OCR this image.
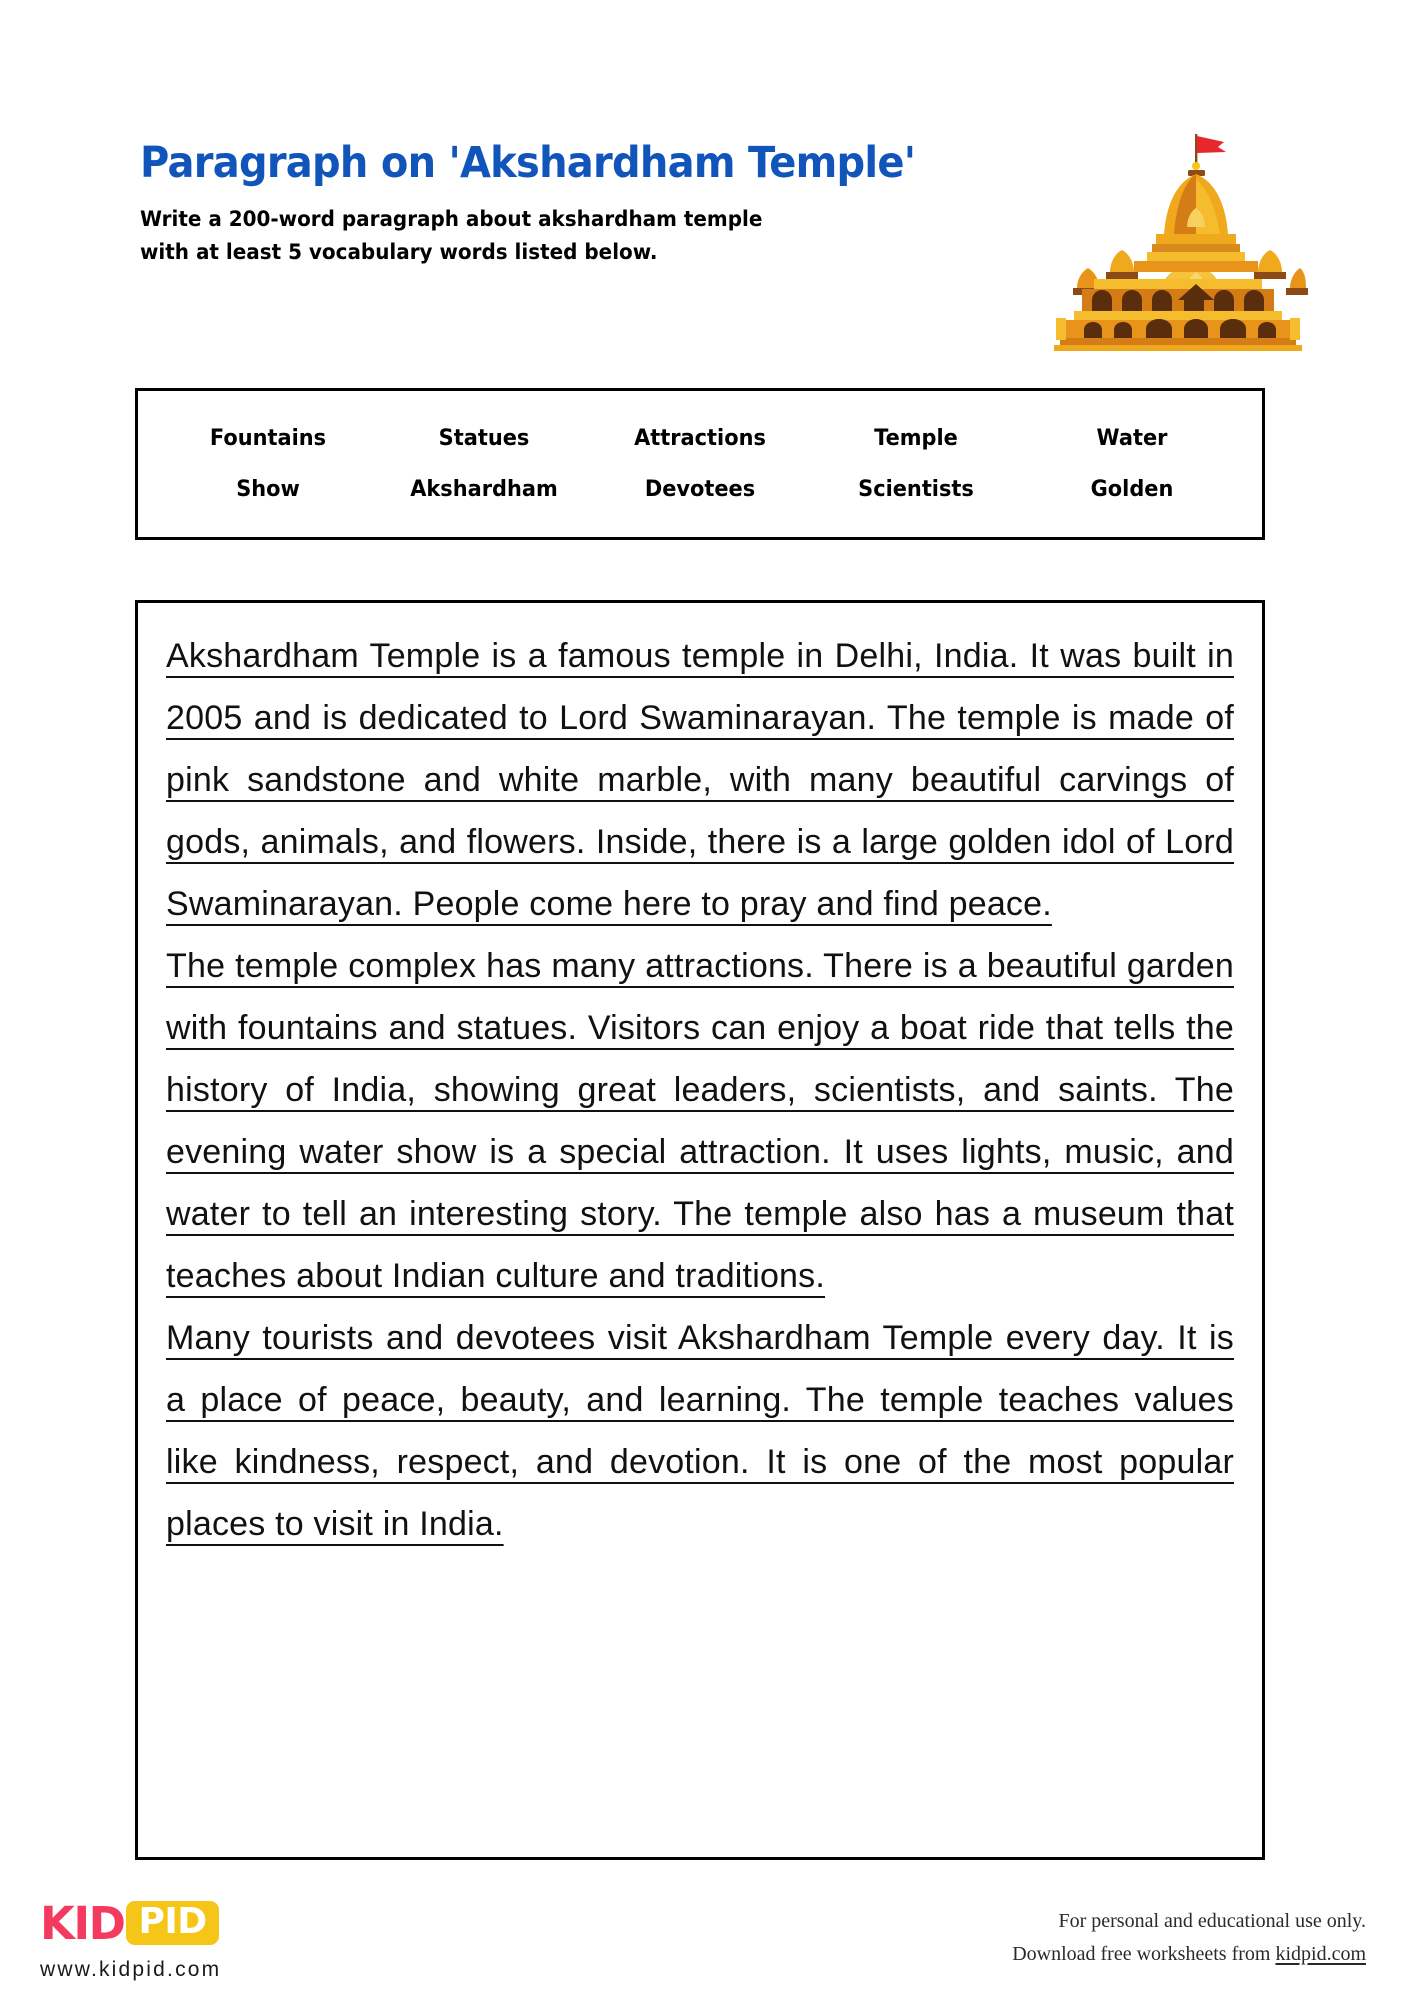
Paragraph on 'Akshardham Temple'
Write a 200-word paragraph about akshardham temple with at least 5 vocabulary words listed below.
Fountains	Statues	Attractions	Temple	Water
Show	Akshardham	Devotees	Scientists	Golden

Akshardham Temple is a famous temple in Delhi, India. It was built in 2005 and is dedicated to Lord Swaminarayan. The temple is made of pink sandstone and white marble, with many beautiful carvings of gods, animals, and flowers. Inside, there is a large golden idol of Lord Swaminarayan. People come here to pray and find peace.

The temple complex has many attractions. There is a beautiful garden with fountains and statues. Visitors can enjoy a boat ride that tells the history of India, showing great leaders, scientists, and saints. The evening water show is a special attraction. It uses lights, music, and water to tell an interesting story. The temple also has a museum that teaches about Indian culture and traditions.

Many tourists and devotees visit Akshardham Temple every day. It is a place of peace, beauty, and learning. The temple teaches values like kindness, respect, and devotion. It is one of the most popular places to visit in India.

KID PID
www.kidpid.com
For personal and educational use only.
Download free worksheets from kidpid.com
